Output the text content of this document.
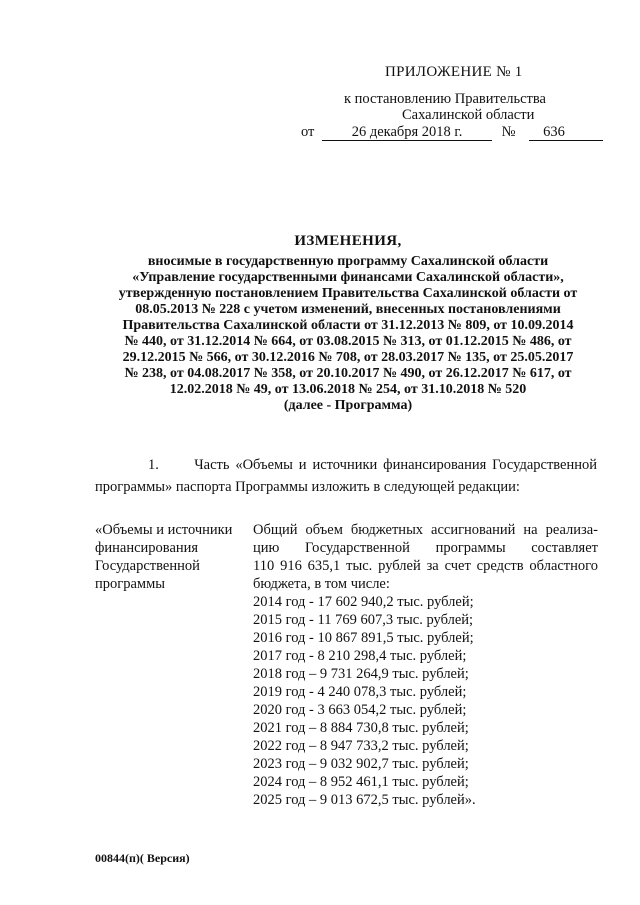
ПРИЛОЖЕНИЕ № 1
к постановлению Правительства
Сахалинской области
от	26 декабря 2018 г.	№ 636
ИЗМЕНЕНИЯ,
вносимые в государственную программу Сахалинской области
«Управление государственными финансами Сахалинской области»,
утвержденную постановлением Правительства Сахалинской области от
08.05.2013 № 228 с учетом изменений, внесенных постановлениями
Правительства Сахалинской области от 31.12.2013 № 809, от 10.09.2014
№ 440, от 31.12.2014 № 664, от 03.08.2015 № 313, от 01.12.2015 № 486, от
29.12.2015 № 566, от 30.12.2016 № 708, от 28.03.2017 № 135, от 25.05.2017
№ 238, от 04.08.2017 № 358, от 20.10.2017 № 490, от 26.12.2017 № 617, от
12.02.2018 № 49, от 13.06.2018 № 254, от 31.10.2018 № 520
(далее - Программа)
1. Часть «Объемы и источники финансирования Государственной
программы» паспорта Программы изложить в следующей редакции:
«Объемы и источники
финансирования
Государственной
программы
Общий объем бюджетных ассигнований на реализа-
цию Государственной программы составляет
110 916 635,1 тыс. рублей за счет средств областного
бюджета, в том числе:
2014 год - 17 602 940,2 тыс. рублей;
2015 год - 11 769 607,3 тыс. рублей;
2016 год - 10 867 891,5 тыс. рублей;
2017 год - 8 210 298,4 тыс. рублей;
2018 год – 9 731 264,9 тыс. рублей;
2019 год - 4 240 078,3 тыс. рублей;
2020 год - 3 663 054,2 тыс. рублей;
2021 год – 8 884 730,8 тыс. рублей;
2022 год – 8 947 733,2 тыс. рублей;
2023 год – 9 032 902,7 тыс. рублей;
2024 год – 8 952 461,1 тыс. рублей;
2025 год – 9 013 672,5 тыс. рублей».
00844(п)( Версия)
